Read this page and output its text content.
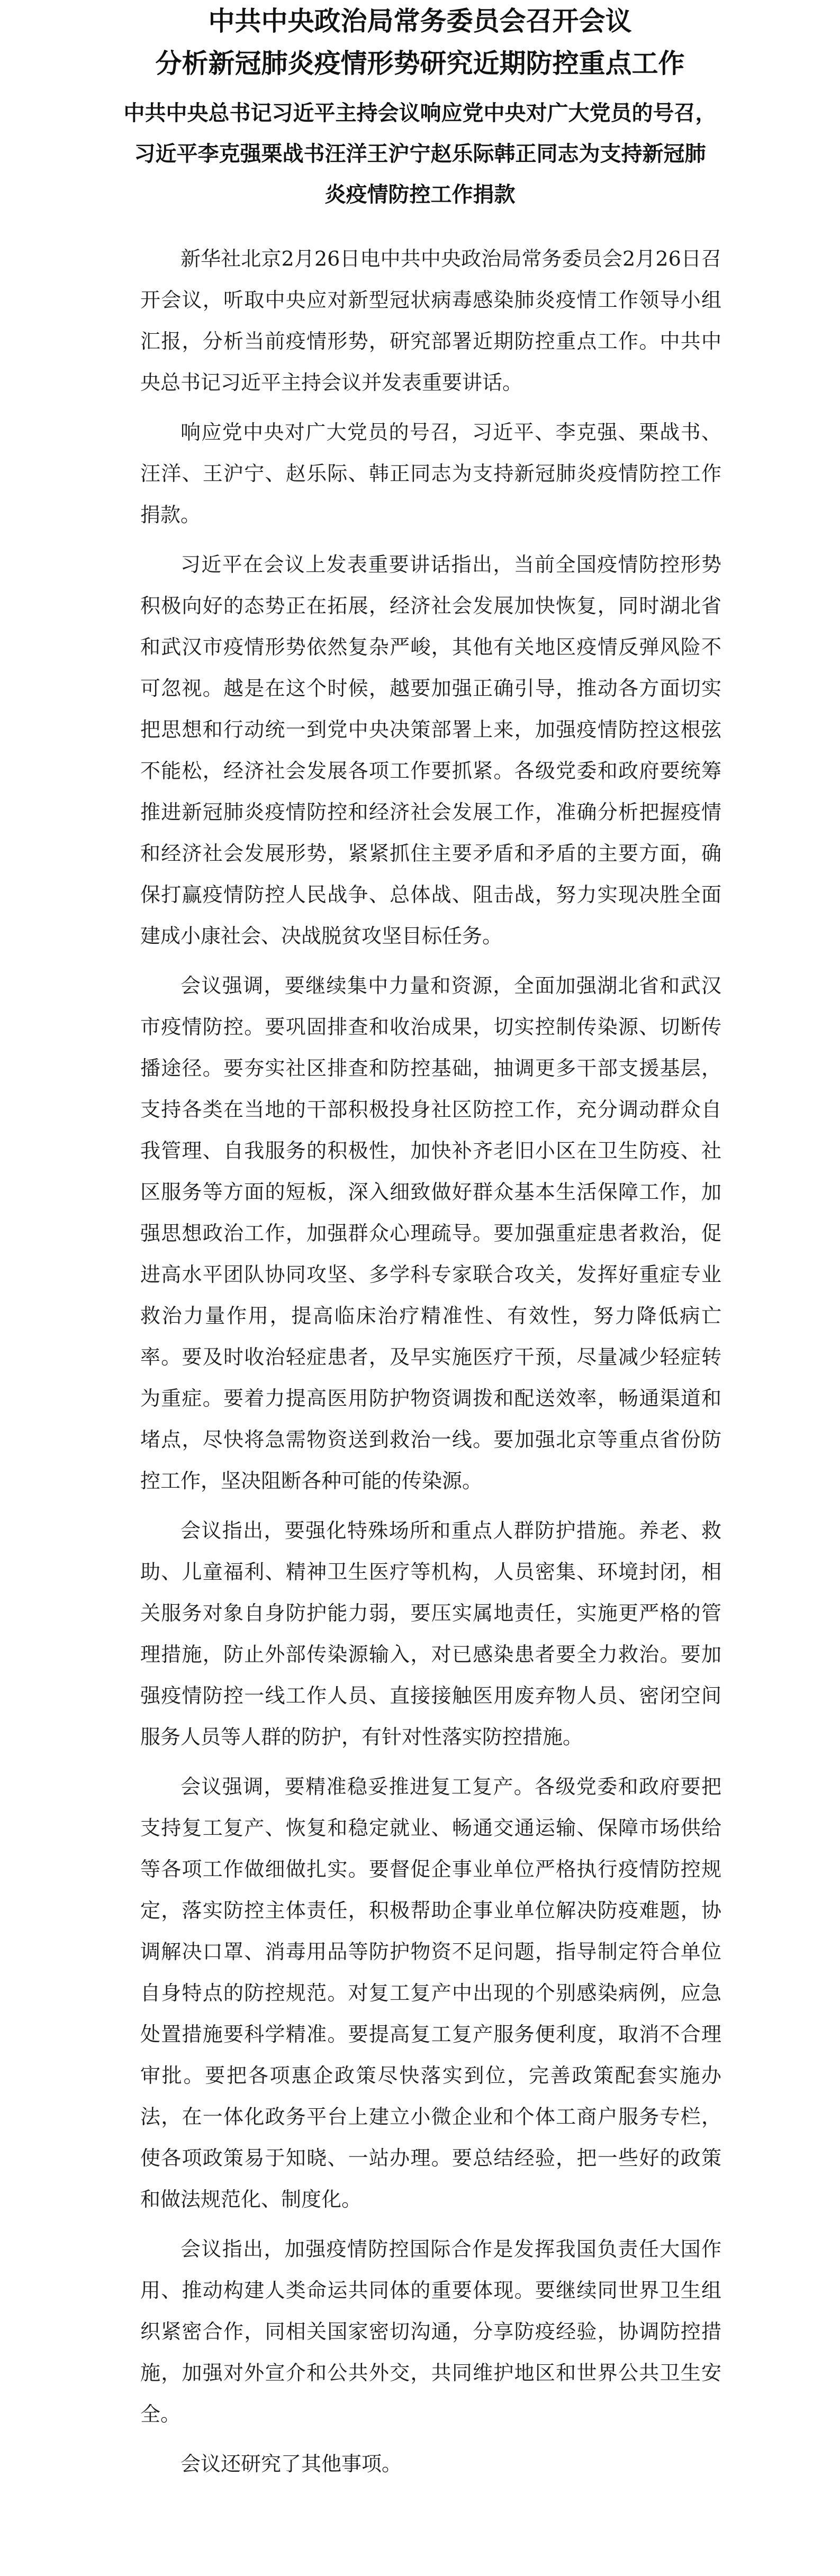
中共中央政治局常务委员会召开会议
分析新冠肺炎疫情形势研究近期防控重点工作
中共中央总书记习近平主持会议响应党中央对广大党员的号召，
习近平李克强栗战书汪洋王沪宁赵乐际韩正同志为支持新冠肺
炎疫情防控工作捐款

新华社北京2月26日电中共中央政治局常务委员会2月26日召开会议，听取中央应对新型冠状病毒感染肺炎疫情工作领导小组汇报，分析当前疫情形势，研究部署近期防控重点工作。中共中央总书记习近平主持会议并发表重要讲话。

响应党中央对广大党员的号召，习近平、李克强、栗战书、汪洋、王沪宁、赵乐际、韩正同志为支持新冠肺炎疫情防控工作捐款。

习近平在会议上发表重要讲话指出，当前全国疫情防控形势积极向好的态势正在拓展，经济社会发展加快恢复，同时湖北省和武汉市疫情形势依然复杂严峻，其他有关地区疫情反弹风险不可忽视。越是在这个时候，越要加强正确引导，推动各方面切实把思想和行动统一到党中央决策部署上来，加强疫情防控这根弦不能松，经济社会发展各项工作要抓紧。各级党委和政府要统筹推进新冠肺炎疫情防控和经济社会发展工作，准确分析把握疫情和经济社会发展形势，紧紧抓住主要矛盾和矛盾的主要方面，确保打赢疫情防控人民战争、总体战、阻击战，努力实现决胜全面建成小康社会、决战脱贫攻坚目标任务。

会议强调，要继续集中力量和资源，全面加强湖北省和武汉市疫情防控。要巩固排查和收治成果，切实控制传染源、切断传播途径。要夯实社区排查和防控基础，抽调更多干部支援基层，支持各类在当地的干部积极投身社区防控工作，充分调动群众自我管理、自我服务的积极性，加快补齐老旧小区在卫生防疫、社区服务等方面的短板，深入细致做好群众基本生活保障工作，加强思想政治工作，加强群众心理疏导。要加强重症患者救治，促进高水平团队协同攻坚、多学科专家联合攻关，发挥好重症专业救治力量作用，提高临床治疗精准性、有效性，努力降低病亡率。要及时收治轻症患者，及早实施医疗干预，尽量减少轻症转为重症。要着力提高医用防护物资调拨和配送效率，畅通渠道和堵点，尽快将急需物资送到救治一线。要加强北京等重点省份防控工作，坚决阻断各种可能的传染源。

会议指出，要强化特殊场所和重点人群防护措施。养老、救助、儿童福利、精神卫生医疗等机构，人员密集、环境封闭，相关服务对象自身防护能力弱，要压实属地责任，实施更严格的管理措施，防止外部传染源输入，对已感染患者要全力救治。要加强疫情防控一线工作人员、直接接触医用废弃物人员、密闭空间服务人员等人群的防护，有针对性落实防控措施。

会议强调，要精准稳妥推进复工复产。各级党委和政府要把支持复工复产、恢复和稳定就业、畅通交通运输、保障市场供给等各项工作做细做扎实。要督促企事业单位严格执行疫情防控规定，落实防控主体责任，积极帮助企事业单位解决防疫难题，协调解决口罩、消毒用品等防护物资不足问题，指导制定符合单位自身特点的防控规范。对复工复产中出现的个别感染病例，应急处置措施要科学精准。要提高复工复产服务便利度，取消不合理审批。要把各项惠企政策尽快落实到位，完善政策配套实施办法，在一体化政务平台上建立小微企业和个体工商户服务专栏，使各项政策易于知晓、一站办理。要总结经验，把一些好的政策和做法规范化、制度化。

会议指出，加强疫情防控国际合作是发挥我国负责任大国作用、推动构建人类命运共同体的重要体现。要继续同世界卫生组织紧密合作，同相关国家密切沟通，分享防疫经验，协调防控措施，加强对外宣介和公共外交，共同维护地区和世界公共卫生安全。

会议还研究了其他事项。
